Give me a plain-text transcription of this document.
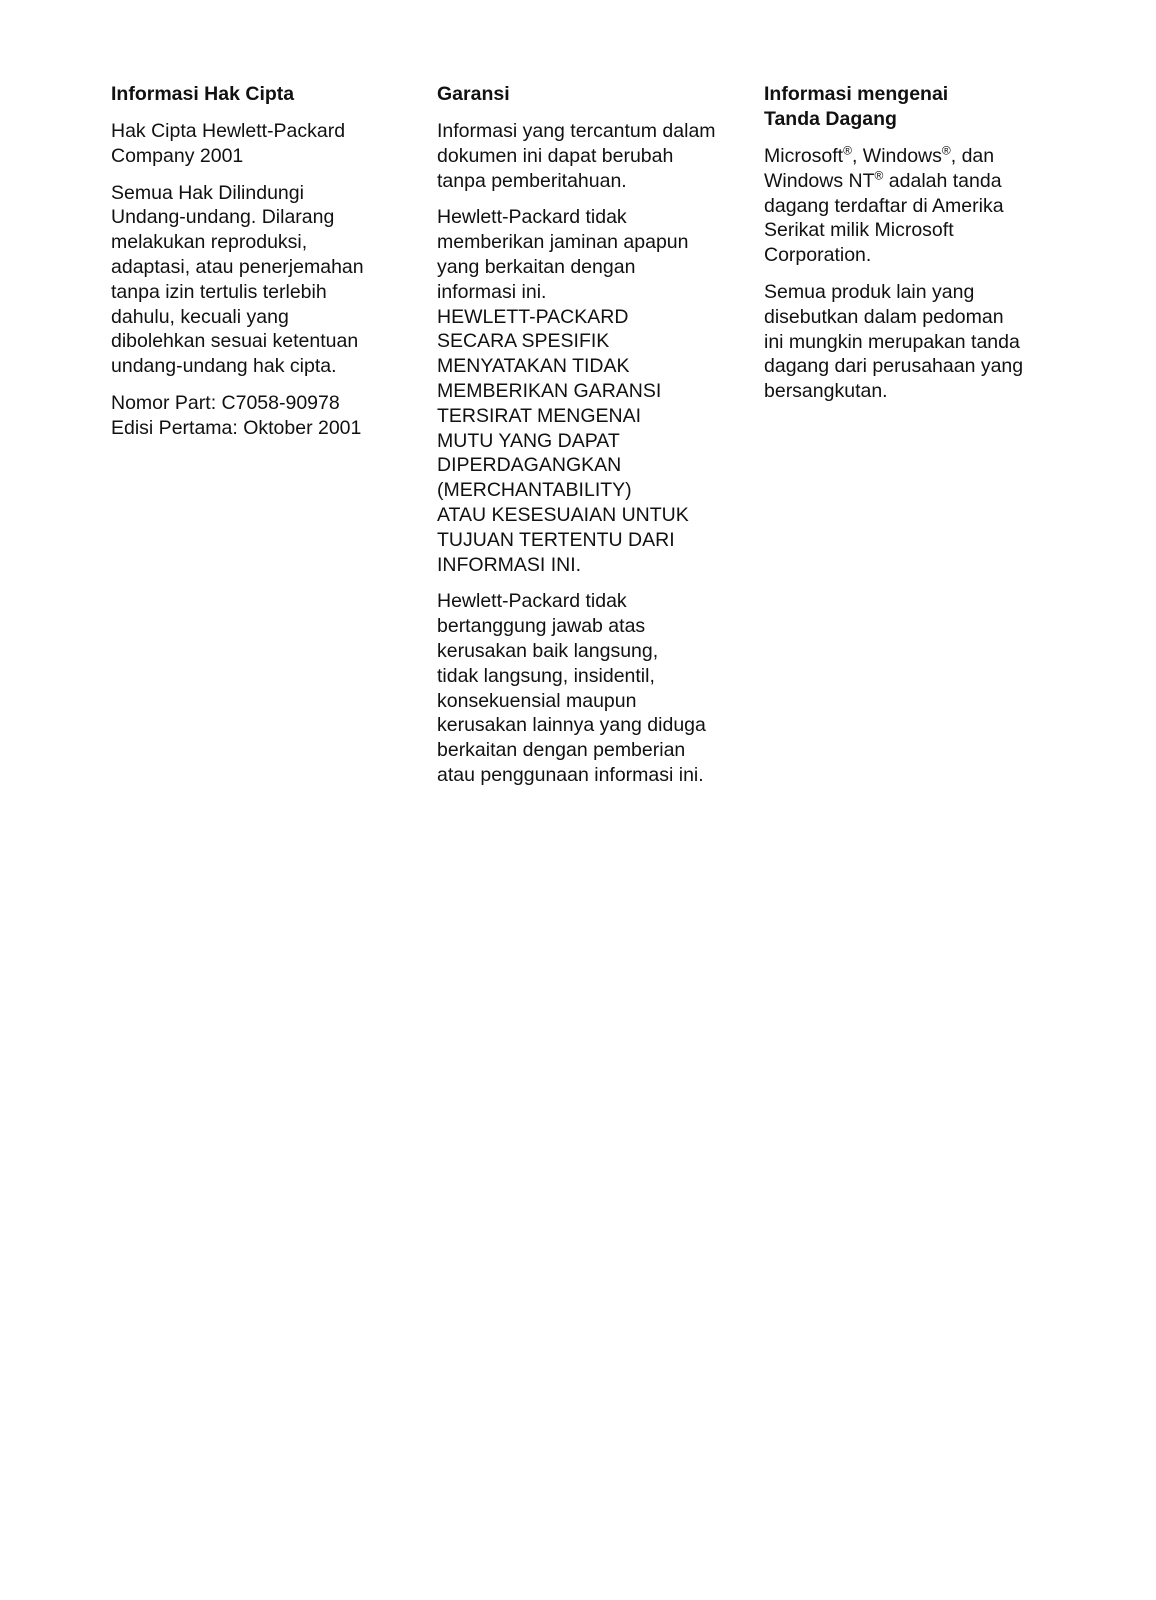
Informasi Hak Cipta
Hak Cipta Hewlett-Packard
Company 2001
Semua Hak Dilindungi
Undang-undang. Dilarang
melakukan reproduksi,
adaptasi, atau penerjemahan
tanpa izin tertulis terlebih
dahulu, kecuali yang
dibolehkan sesuai ketentuan
undang-undang hak cipta.
Nomor Part: C7058-90978
Edisi Pertama: Oktober 2001
Garansi
Informasi yang tercantum dalam
dokumen ini dapat berubah
tanpa pemberitahuan.
Hewlett-Packard tidak
memberikan jaminan apapun
yang berkaitan dengan
informasi ini.
HEWLETT-PACKARD
SECARA SPESIFIK
MENYATAKAN TIDAK
MEMBERIKAN GARANSI
TERSIRAT MENGENAI
MUTU YANG DAPAT
DIPERDAGANGKAN
(MERCHANTABILITY)
ATAU KESESUAIAN UNTUK
TUJUAN TERTENTU DARI
INFORMASI INI.
Hewlett-Packard tidak
bertanggung jawab atas
kerusakan baik langsung,
tidak langsung, insidentil,
konsekuensial maupun
kerusakan lainnya yang diduga
berkaitan dengan pemberian
atau penggunaan informasi ini.
Informasi mengenai
Tanda Dagang
Microsoft®, Windows®, dan
Windows NT® adalah tanda
dagang terdaftar di Amerika
Serikat milik Microsoft
Corporation.
Semua produk lain yang
disebutkan dalam pedoman
ini mungkin merupakan tanda
dagang dari perusahaan yang
bersangkutan.
